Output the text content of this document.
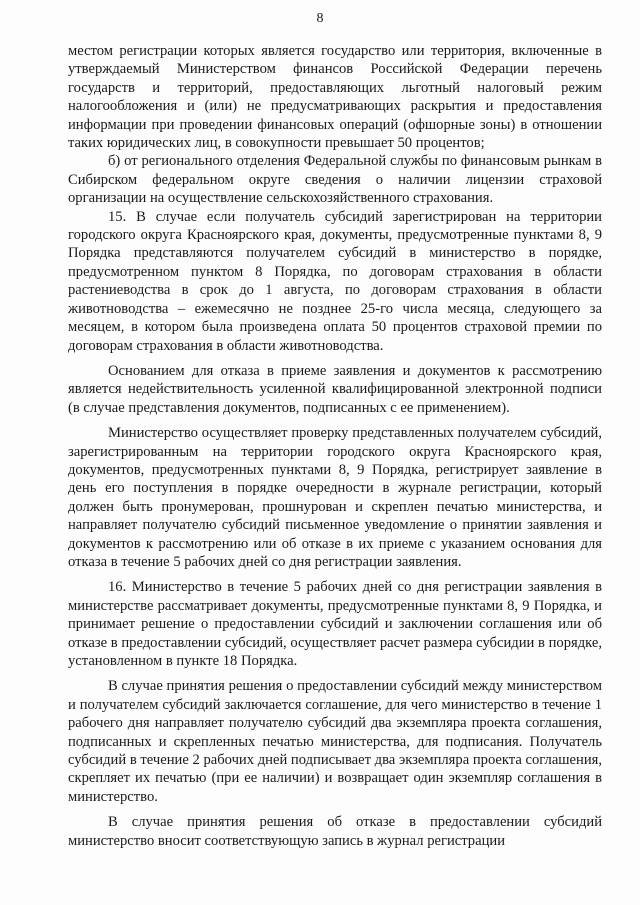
8

местом регистрации которых является государство или территория, включенные в утверждаемый Министерством финансов Российской Федерации перечень государств и территорий, предоставляющих льготный налоговый режим налогообложения и (или) не предусматривающих раскрытия и предоставления информации при проведении финансовых операций (офшорные зоны) в отношении таких юридических лиц, в совокупности превышает 50 процентов;

б) от регионального отделения Федеральной службы по финансовым рынкам в Сибирском федеральном округе сведения о наличии лицензии страховой организации на осуществление сельскохозяйственного страхования.

15. В случае если получатель субсидий зарегистрирован на территории городского округа Красноярского края, документы, предусмотренные пунктами 8, 9 Порядка представляются получателем субсидий в министерство в порядке, предусмотренном пунктом 8 Порядка, по договорам страхования в области растениеводства в срок до 1 августа, по договорам страхования в области животноводства – ежемесячно не позднее 25-го числа месяца, следующего за месяцем, в котором была произведена оплата 50 процентов страховой премии по договорам страхования в области животноводства.

Основанием для отказа в приеме заявления и документов к рассмотрению является недействительность усиленной квалифицированной электронной подписи (в случае представления документов, подписанных с ее применением).

Министерство осуществляет проверку представленных получателем субсидий, зарегистрированным на территории городского округа Красноярского края, документов, предусмотренных пунктами 8, 9 Порядка, регистрирует заявление в день его поступления в порядке очередности в журнале регистрации, который должен быть пронумерован, прошнурован и скреплен печатью министерства, и направляет получателю субсидий письменное уведомление о принятии заявления и документов к рассмотрению или об отказе в их приеме с указанием основания для отказа в течение 5 рабочих дней со дня регистрации заявления.

16. Министерство в течение 5 рабочих дней со дня регистрации заявления в министерстве рассматривает документы, предусмотренные пунктами 8, 9 Порядка, и принимает решение о предоставлении субсидий и заключении соглашения или об отказе в предоставлении субсидий, осуществляет расчет размера субсидии в порядке, установленном в пункте 18 Порядка.

В случае принятия решения о предоставлении субсидий между министерством и получателем субсидий заключается соглашение, для чего министерство в течение 1 рабочего дня направляет получателю субсидий два экземпляра проекта соглашения, подписанных и скрепленных печатью министерства, для подписания. Получатель субсидий в течение 2 рабочих дней подписывает два экземпляра проекта соглашения, скрепляет их печатью (при ее наличии) и возвращает один экземпляр соглашения в министерство.

В случае принятия решения об отказе в предоставлении субсидий министерство вносит соответствующую запись в журнал регистрации
